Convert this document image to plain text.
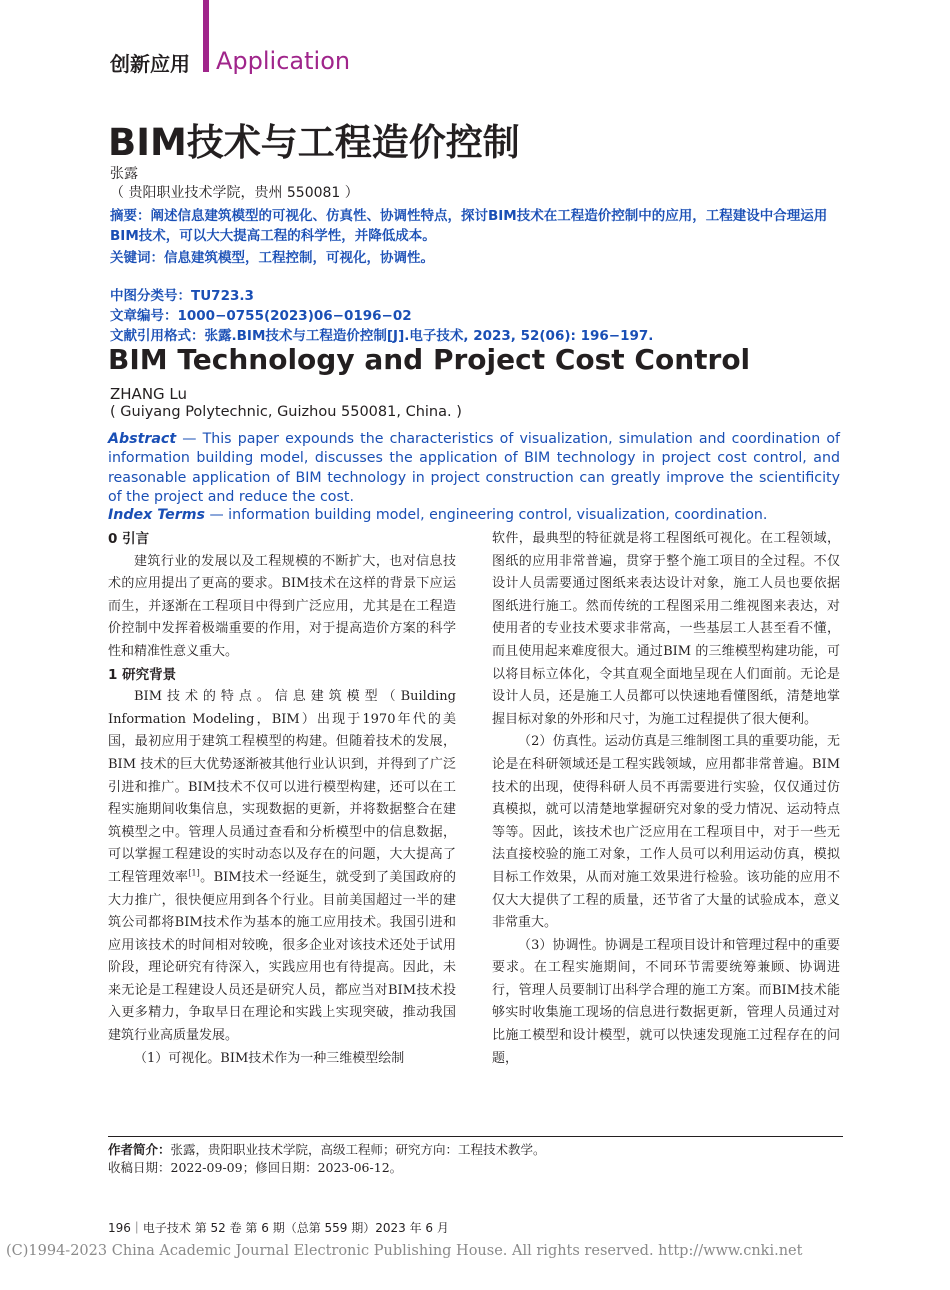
创新应用 Application
BIM技术与工程造价控制
张露
（ 贵阳职业技术学院，贵州 550081 ）
摘要：阐述信息建筑模型的可视化、仿真性、协调性特点，探讨BIM技术在工程造价控制中的应用，工程建设中合理运用BIM技术，可以大大提高工程的科学性，并降低成本。
关键词：信息建筑模型，工程控制，可视化，协调性。
中图分类号：TU723.3
文章编号：1000−0755(2023)06−0196−02
文献引用格式：张露.BIM技术与工程造价控制[J].电子技术, 2023, 52(06): 196−197.
BIM Technology and Project Cost Control
ZHANG Lu
( Guiyang Polytechnic, Guizhou 550081, China. )
Abstract — This paper expounds the characteristics of visualization, simulation and coordination of information building model, discusses the application of BIM technology in project cost control, and reasonable application of BIM technology in project construction can greatly improve the scientificity of the project and reduce the cost.
Index Terms — information building model, engineering control, visualization, coordination.
0 引言

建筑行业的发展以及工程规模的不断扩大，也对信息技术的应用提出了更高的要求。BIM技术在这样的背景下应运而生，并逐渐在工程项目中得到广泛应用，尤其是在工程造价控制中发挥着极端重要的作用，对于提高造价方案的科学性和精准性意义重大。

1 研究背景

BIM技术的特点。信息建筑模型（Building Information Modeling，BIM）出现于1970年代的美国，最初应用于建筑工程模型的构建。但随着技术的发展，BIM 技术的巨大优势逐渐被其他行业认识到，并得到了广泛引进和推广。BIM技术不仅可以进行模型构建，还可以在工程实施期间收集信息，实现数据的更新，并将数据整合在建筑模型之中。管理人员通过查看和分析模型中的信息数据，可以掌握工程建设的实时动态以及存在的问题，大大提高了工程管理效率[1]。BIM技术一经诞生，就受到了美国政府的大力推广，很快便应用到各个行业。目前美国超过一半的建筑公司都将BIM技术作为基本的施工应用技术。我国引进和应用该技术的时间相对较晚，很多企业对该技术还处于试用阶段，理论研究有待深入，实践应用也有待提高。因此，未来无论是工程建设人员还是研究人员，都应当对BIM技术投入更多精力，争取早日在理论和实践上实现突破，推动我国建筑行业高质量发展。

（1）可视化。BIM技术作为一种三维模型绘制

软件，最典型的特征就是将工程图纸可视化。在工程领域，图纸的应用非常普遍，贯穿于整个施工项目的全过程。不仅设计人员需要通过图纸来表达设计对象，施工人员也要依据图纸进行施工。然而传统的工程图采用二维视图来表达，对使用者的专业技术要求非常高，一些基层工人甚至看不懂，而且使用起来难度很大。通过BIM 的三维模型构建功能，可以将目标立体化，令其直观全面地呈现在人们面前。无论是设计人员，还是施工人员都可以快速地看懂图纸，清楚地掌握目标对象的外形和尺寸，为施工过程提供了很大便利。

（2）仿真性。运动仿真是三维制图工具的重要功能，无论是在科研领域还是工程实践领域，应用都非常普遍。BIM技术的出现，使得科研人员不再需要进行实验，仅仅通过仿真模拟，就可以清楚地掌握研究对象的受力情况、运动特点等等。因此，该技术也广泛应用在工程项目中，对于一些无法直接校验的施工对象，工作人员可以利用运动仿真，模拟目标工作效果，从而对施工效果进行检验。该功能的应用不仅大大提供了工程的质量，还节省了大量的试验成本，意义非常重大。

（3）协调性。协调是工程项目设计和管理过程中的重要要求。在工程实施期间，不同环节需要统筹兼顾、协调进行，管理人员要制订出科学合理的施工方案。而BIM技术能够实时收集施工现场的信息进行数据更新，管理人员通过对比施工模型和设计模型，就可以快速发现施工过程存在的问题，

作者简介：张露，贵阳职业技术学院，高级工程师；研究方向：工程技术教学。
收稿日期：2022-09-09；修回日期：2023-06-12。
196｜电子技术 第 52 卷 第 6 期（总第 559 期）2023 年 6 月
(C)1994-2023 China Academic Journal Electronic Publishing House. All rights reserved. http://www.cnki.net
